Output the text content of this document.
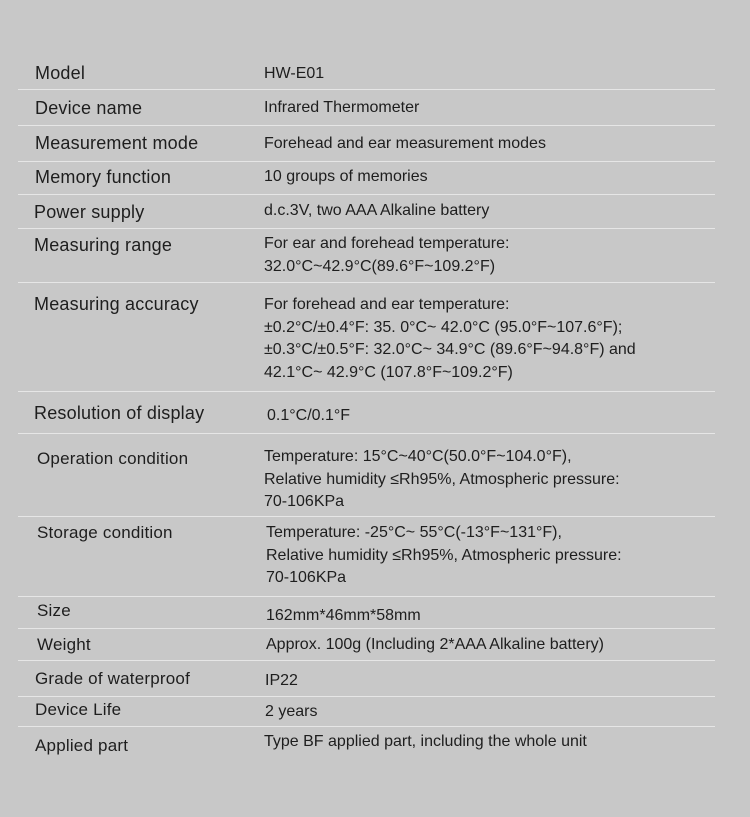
Model	HW-E01
Device name	Infrared Thermometer
Measurement mode	Forehead and ear measurement modes
Memory function	10 groups of memories
Power supply	d.c.3V, two AAA Alkaline battery
Measuring range	For ear and forehead temperature:
32.0°C~42.9°C(89.6°F~109.2°F)
Measuring accuracy	For forehead and ear temperature:
±0.2°C/±0.4°F: 35. 0°C~ 42.0°C (95.0°F~107.6°F);
±0.3°C/±0.5°F: 32.0°C~ 34.9°C (89.6°F~94.8°F) and
42.1°C~ 42.9°C (107.8°F~109.2°F)
Resolution of display	0.1°C/0.1°F
Operation condition	Temperature: 15°C~40°C(50.0°F~104.0°F),
Relative humidity ≤Rh95%, Atmospheric pressure:
70-106KPa
Storage condition	Temperature: -25°C~ 55°C(-13°F~131°F),
Relative humidity ≤Rh95%, Atmospheric pressure:
70-106KPa
Size	162mm*46mm*58mm
Weight	Approx. 100g (Including 2*AAA Alkaline battery)
Grade of waterproof	IP22
Device Life	2 years
Applied part	Type BF applied part, including the whole unit
